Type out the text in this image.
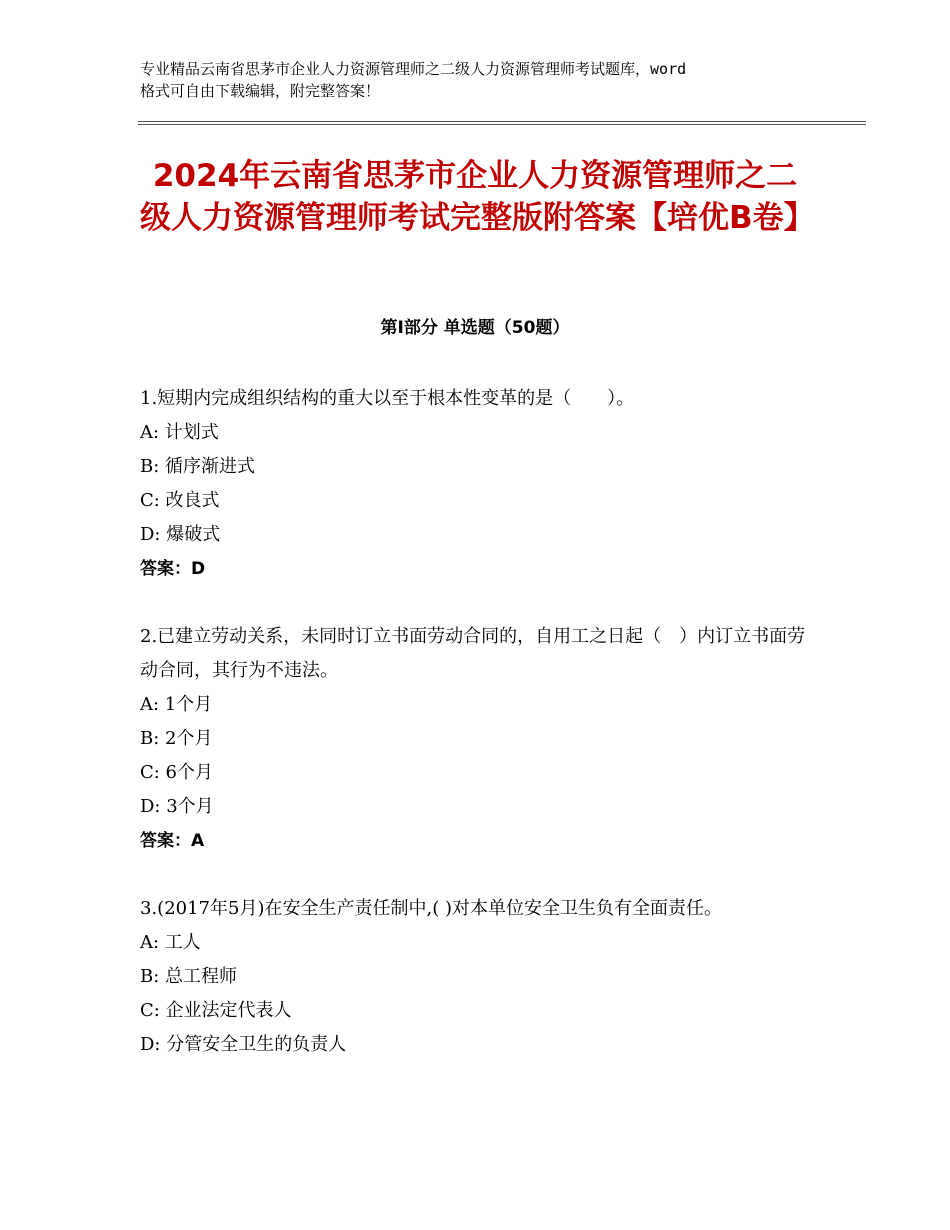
专业精品云南省思茅市企业人力资源管理师之二级人力资源管理师考试题库，word
格式可自由下载编辑，附完整答案！
2024年云南省思茅市企业人力资源管理师之二级人力资源管理师考试完整版附答案【培优B卷】
第Ⅰ部分 单选题（50题）
1.短期内完成组织结构的重大以至于根本性变革的是（　　）。
A: 计划式
B: 循序渐进式
C: 改良式
D: 爆破式
答案：D
2.已建立劳动关系，未同时订立书面劳动合同的，自用工之日起（　）内订立书面劳动合同，其行为不违法。
A: 1个月
B: 2个月
C: 6个月
D: 3个月
答案：A
3.(2017年5月)在安全生产责任制中,( )对本单位安全卫生负有全面责任。
A: 工人
B: 总工程师
C: 企业法定代表人
D: 分管安全卫生的负责人
